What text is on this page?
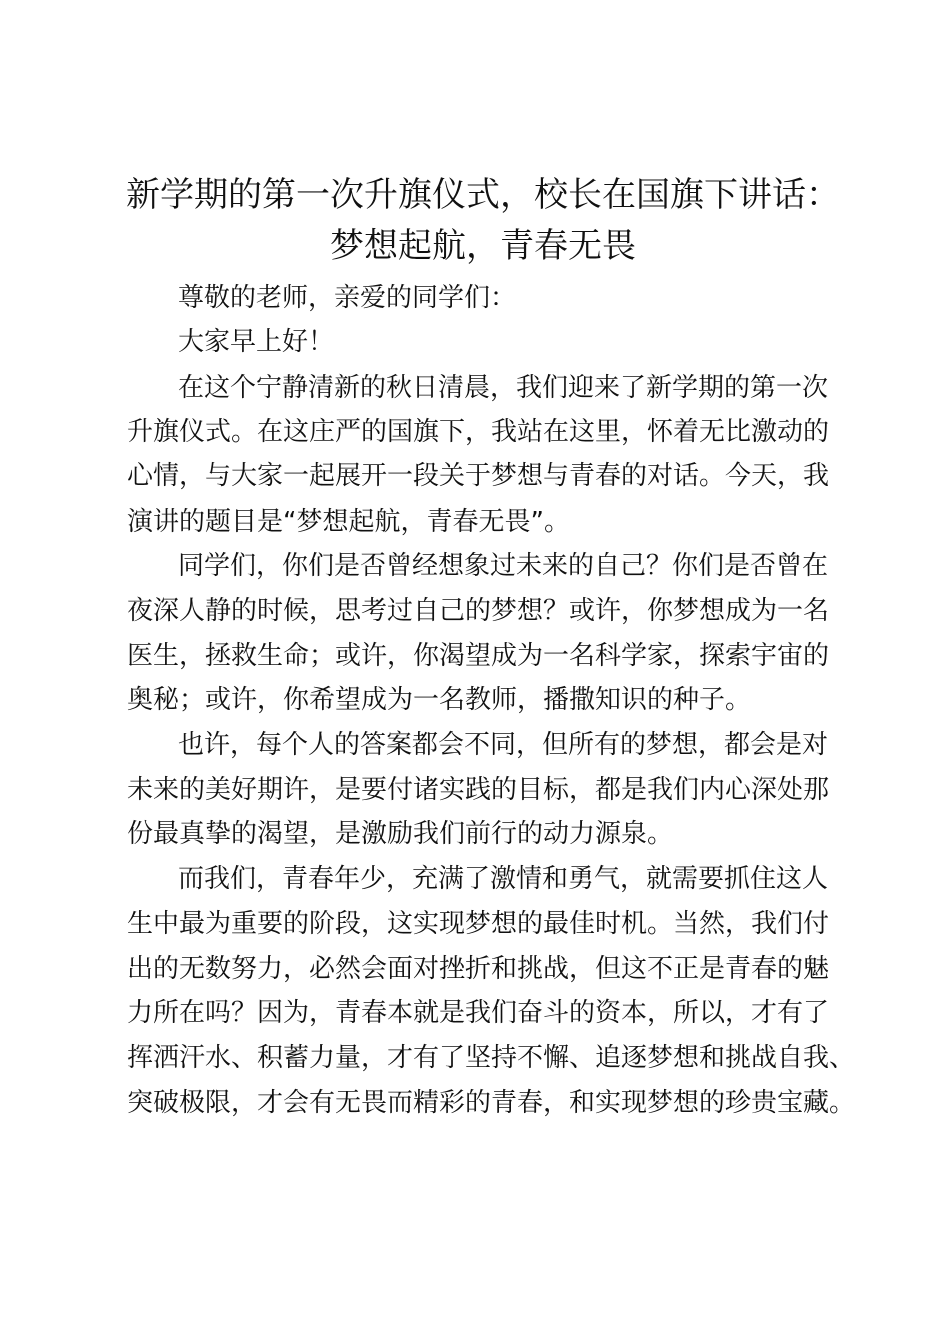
新学期的第一次升旗仪式，校长在国旗下讲话：
梦想起航，青春无畏
尊敬的老师，亲爱的同学们：
大家早上好！
在这个宁静清新的秋日清晨，我们迎来了新学期的第一次
升旗仪式。在这庄严的国旗下，我站在这里，怀着无比激动的
心情，与大家一起展开一段关于梦想与青春的对话。今天，我
演讲的题目是“梦想起航，青春无畏”。
同学们，你们是否曾经想象过未来的自己？你们是否曾在
夜深人静的时候，思考过自己的梦想？或许，你梦想成为一名
医生，拯救生命；或许，你渴望成为一名科学家，探索宇宙的
奥秘；或许，你希望成为一名教师，播撒知识的种子。
也许，每个人的答案都会不同，但所有的梦想，都会是对
未来的美好期许，是要付诸实践的目标，都是我们内心深处那
份最真挚的渴望，是激励我们前行的动力源泉。
而我们，青春年少，充满了激情和勇气，就需要抓住这人
生中最为重要的阶段，这实现梦想的最佳时机。当然，我们付
出的无数努力，必然会面对挫折和挑战，但这不正是青春的魅
力所在吗？因为，青春本就是我们奋斗的资本，所以，才有了
挥洒汗水、积蓄力量，才有了坚持不懈、追逐梦想和挑战自我、
突破极限，才会有无畏而精彩的青春，和实现梦想的珍贵宝藏。
